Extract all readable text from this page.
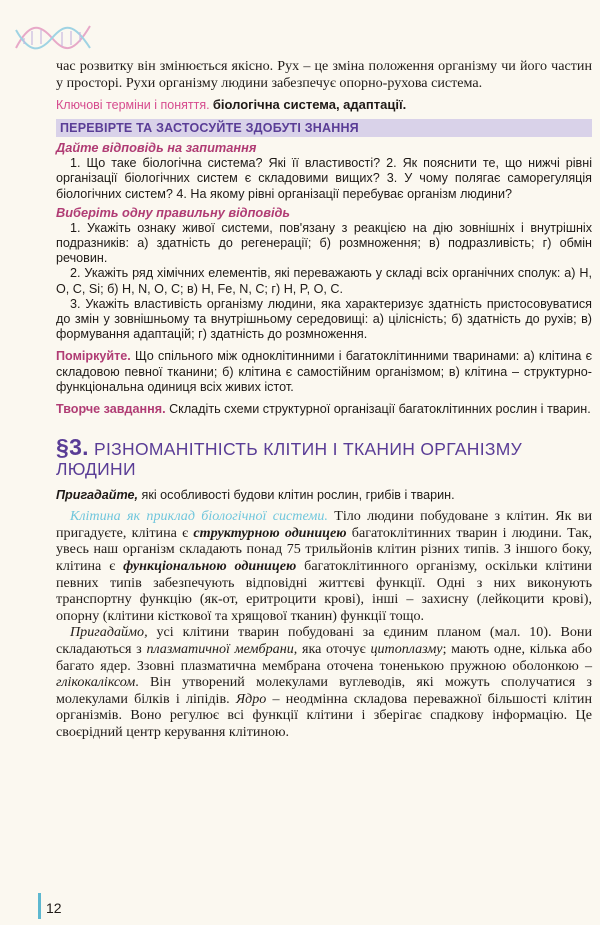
час розвитку він змінюється якісно. Рух – це зміна положення організму чи його частин у просторі. Рухи організму людини забезпечує опорно-рухова система.

Ключові терміни і поняття. біологічна система, адаптації.
ПЕРЕВІРТЕ ТА ЗАСТОСУЙТЕ ЗДОБУТІ ЗНАННЯ
Дайте відповідь на запитання

1. Що таке біологічна система? Які її властивості? 2. Як пояснити те, що нижчі рівні організації біологічних систем є складовими вищих? 3. У чому полягає саморегуляція біологічних систем? 4. На якому рівні організації перебуває організм людини?

Виберіть одну правильну відповідь

1. Укажіть ознаку живої системи, пов'язану з реакцією на дію зовнішніх і внутрішніх подразників: а) здатність до регенерації; б) розмноження; в) подразливість; г) обмін речовин.

2. Укажіть ряд хімічних елементів, які переважають у складі всіх органічних сполук: а) H, O, C, Si; б) H, N, O, C; в) H, Fe, N, C; г) H, P, O, C.

3. Укажіть властивість організму людини, яка характеризує здатність пристосовуватися до змін у зовнішньому та внутрішньому середовищі: а) цілісність; б) здатність до рухів; в) формування адаптацій; г) здатність до розмноження.

Поміркуйте. Що спільного між одноклітинними і багатоклітинними тваринами: а) клітина є складовою певної тканини; б) клітина є самостійним організмом; в) клітина – структурно-функціональна одиниця всіх живих істот.

Творче завдання. Складіть схеми структурної організації багатоклітинних рослин і тварин.

§3. РІЗНОМАНІТНІСТЬ КЛІТИН І ТКАНИН ОРГАНІЗМУ ЛЮДИНИ
Пригадайте, які особливості будови клітин рослин, грибів і тварин.

Клітина як приклад біологічної системи. Тіло людини побудоване з клітин. Як ви пригадуєте, клітина є структурною одиницею багатоклітинних тварин і людини. Так, увесь наш організм складають понад 75 трильйонів клітин різних типів. З іншого боку, клітина є функціональною одиницею багатоклітинного організму, оскільки клітини певних типів забезпечують відповідні життєві функції. Одні з них виконують транспортну функцію (як-от, еритроцити крові), інші – захисну (лейкоцити крові), опорну (клітини кісткової та хрящової тканин) функції тощо.

Пригадаймо, усі клітини тварин побудовані за єдиним планом (мал. 10). Вони складаються з плазматичної мембрани, яка оточує цитоплазму; мають одне, кілька або багато ядер. Ззовні плазматична мембрана оточена тоненькою пружною оболонкою – глікокаліксом. Він утворений молекулами вуглеводів, які можуть сполучатися з молекулами білків і ліпідів. Ядро – неодмінна складова переважної більшості клітин організмів. Воно регулює всі функції клітини і зберігає спадкову інформацію. Це своєрідний центр керування клітиною.

12
